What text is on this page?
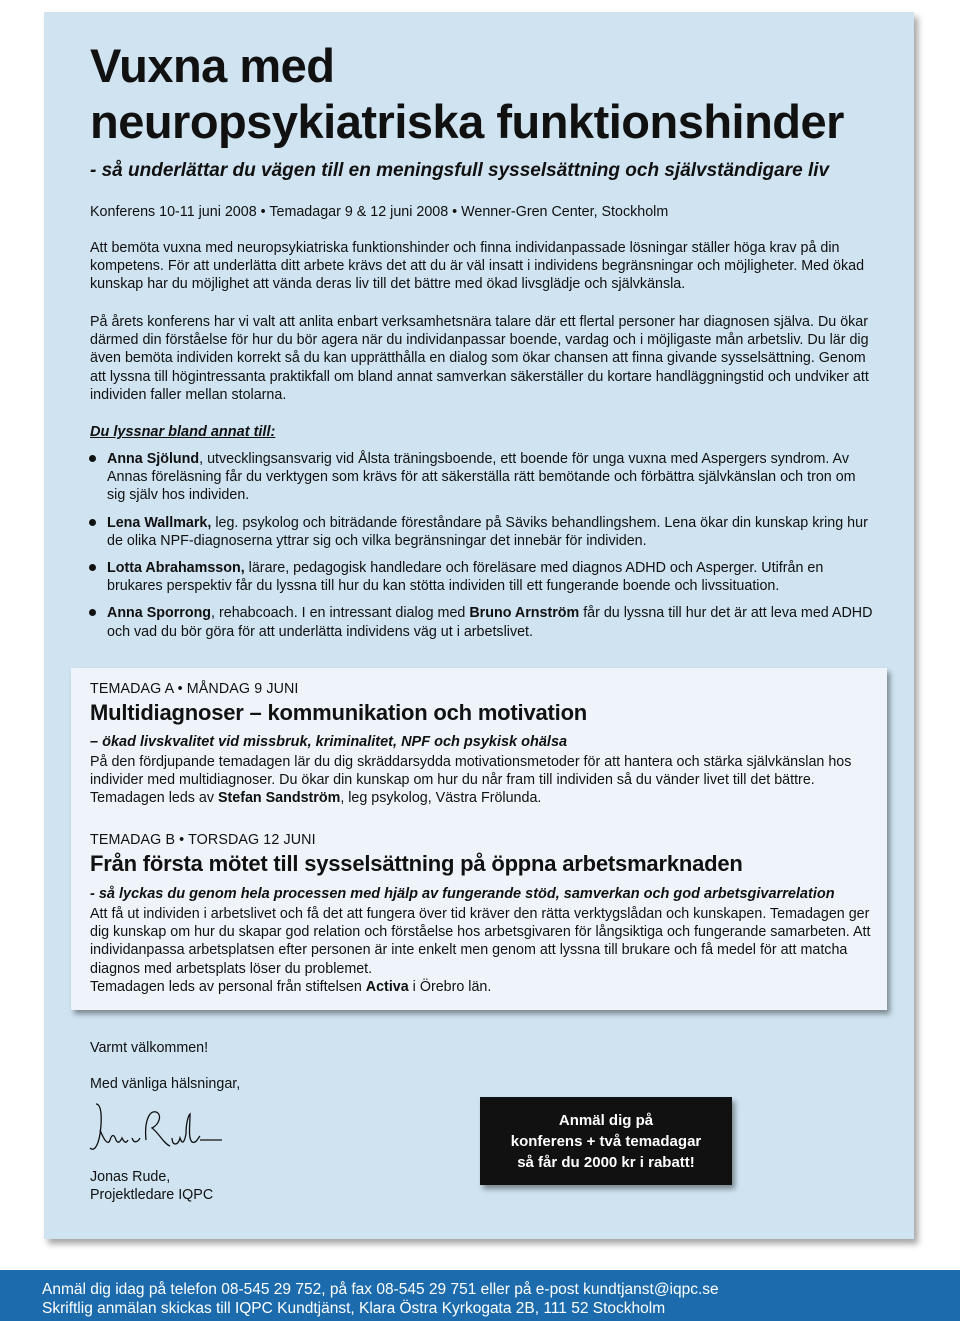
Vuxna med
neuropsykiatriska funktionshinder
- så underlättar du vägen till en meningsfull sysselsättning och självständigare liv
Konferens 10-11 juni 2008 • Temadagar 9 & 12 juni 2008 • Wenner-Gren Center, Stockholm
Att bemöta vuxna med neuropsykiatriska funktionshinder och finna individanpassade lösningar ställer höga krav på din kompetens. För att underlätta ditt arbete krävs det att du är väl insatt i individens begränsningar och möjligheter. Med ökad kunskap har du möjlighet att vända deras liv till det bättre med ökad livsglädje och självkänsla.
På årets konferens har vi valt att anlita enbart verksamhetsnära talare där ett flertal personer har diagnosen själva. Du ökar därmed din förståelse för hur du bör agera när du individanpassar boende, vardag och i möjligaste mån arbetsliv. Du lär dig även bemöta individen korrekt så du kan upprätthålla en dialog som ökar chansen att finna givande sysselsättning. Genom att lyssna till högintressanta praktikfall om bland annat samverkan säkerställer du kortare handläggningstid och undviker att individen faller mellan stolarna.
Du lyssnar bland annat till:
Anna Sjölund, utvecklingsansvarig vid Ålsta träningsboende, ett boende för unga vuxna med Aspergers syndrom. Av Annas föreläsning får du verktygen som krävs för att säkerställa rätt bemötande och förbättra självkänslan och tron om sig själv hos individen.
Lena Wallmark, leg. psykolog och biträdande föreståndare på Säviks behandlingshem. Lena ökar din kunskap kring hur de olika NPF-diagnoserna yttrar sig och vilka begränsningar det innebär för individen.
Lotta Abrahamsson, lärare, pedagogisk handledare och föreläsare med diagnos ADHD och Asperger. Utifrån en brukares perspektiv får du lyssna till hur du kan stötta individen till ett fungerande boende och livssituation.
Anna Sporrong, rehabcoach. I en intressant dialog med Bruno Arnström får du lyssna till hur det är att leva med ADHD och vad du bör göra för att underlätta individens väg ut i arbetslivet.
TEMADAG A • MÅNDAG 9 JUNI
Multidiagnoser – kommunikation och motivation
– ökad livskvalitet vid missbruk, kriminalitet, NPF och psykisk ohälsa
På den fördjupande temadagen lär du dig skräddarsydda motivationsmetoder för att hantera och stärka självkänslan hos individer med multidiagnoser. Du ökar din kunskap om hur du når fram till individen så du vänder livet till det bättre.
Temadagen leds av Stefan Sandström, leg psykolog, Västra Frölunda.
TEMADAG B • TORSDAG 12 JUNI
Från första mötet till sysselsättning på öppna arbetsmarknaden
- så lyckas du genom hela processen med hjälp av fungerande stöd, samverkan och god arbetsgivarrelation
Att få ut individen i arbetslivet och få det att fungera över tid kräver den rätta verktygslådan och kunskapen. Temadagen ger dig kunskap om hur du skapar god relation och förståelse hos arbetsgivaren för långsiktiga och fungerande samarbeten. Att individanpassa arbetsplatsen efter personen är inte enkelt men genom att lyssna till brukare och få medel för att matcha diagnos med arbetsplats löser du problemet.
Temadagen leds av personal från stiftelsen Activa i Örebro län.
Varmt välkommen!
Med vänliga hälsningar,
Jonas Rude,
Projektledare IQPC
Anmäl dig på
konferens + två temadagar
så får du 2000 kr i rabatt!
Anmäl dig idag på telefon 08-545 29 752, på fax 08-545 29 751 eller på e-post kundtjanst@iqpc.se
Skriftlig anmälan skickas till IQPC Kundtjänst, Klara Östra Kyrkogata 2B, 111 52 Stockholm
